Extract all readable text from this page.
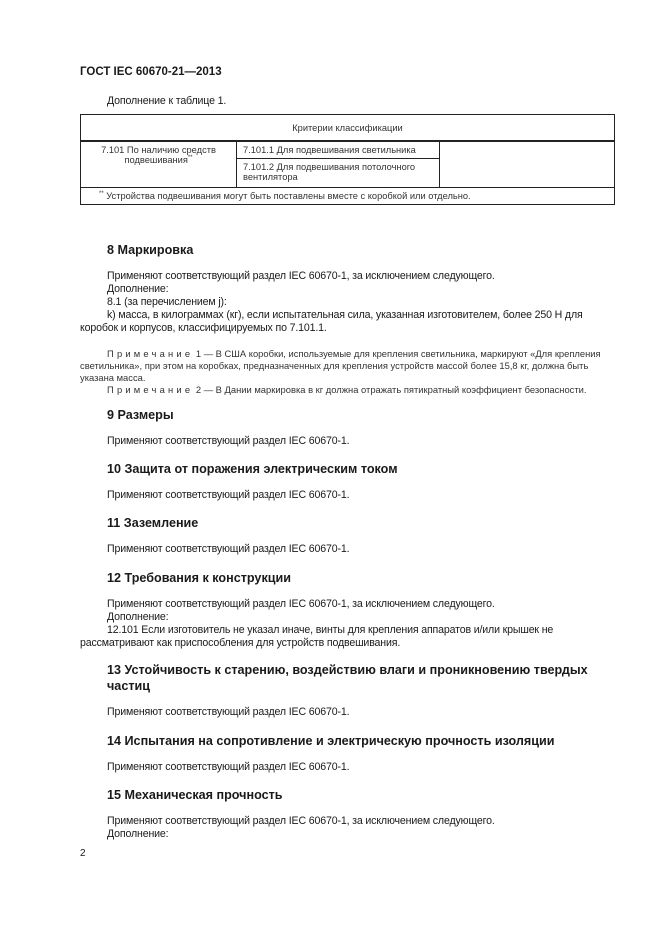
ГОСТ IEC 60670-21—2013
Дополнение к таблице 1.
Критерии классификации
7.101 По наличию средств подвешивания**	7.101.1 Для подвешивания светильника	
7.101.2 Для подвешивания потолочного вентилятора
** Устройства подвешивания могут быть поставлены вместе с коробкой или отдельно.
8 Маркировка
Применяют соответствующий раздел IEC 60670-1, за исключением следующего.
Дополнение:
8.1 (за перечислением j):
k) масса, в килограммах (кг), если испытательная сила, указанная изготовителем, более 250 Н для коробок и корпусов, классифицируемых по 7.101.1.
Примечание 1 — В США коробки, используемые для крепления светильника, маркируют «Для крепления светильника», при этом на коробках, предназначенных для крепления устройств массой более 15,8 кг, должна быть указана масса.
Примечание 2 — В Дании маркировка в кг должна отражать пятикратный коэффициент безопасности.
9 Размеры
Применяют соответствующий раздел IEC 60670-1.
10 Защита от поражения электрическим током
Применяют соответствующий раздел IEC 60670-1.
11 Заземление
Применяют соответствующий раздел IEC 60670-1.
12 Требования к конструкции
Применяют соответствующий раздел IEC 60670-1, за исключением следующего.
Дополнение:
12.101 Если изготовитель не указал иначе, винты для крепления аппаратов и/или крышек не рассматривают как приспособления для устройств подвешивания.
13 Устойчивость к старению, воздействию влаги и проникновению твердых частиц
Применяют соответствующий раздел IEC 60670-1.
14 Испытания на сопротивление и электрическую прочность изоляции
Применяют соответствующий раздел IEC 60670-1.
15 Механическая прочность
Применяют соответствующий раздел IEC 60670-1, за исключением следующего.
Дополнение:
2
